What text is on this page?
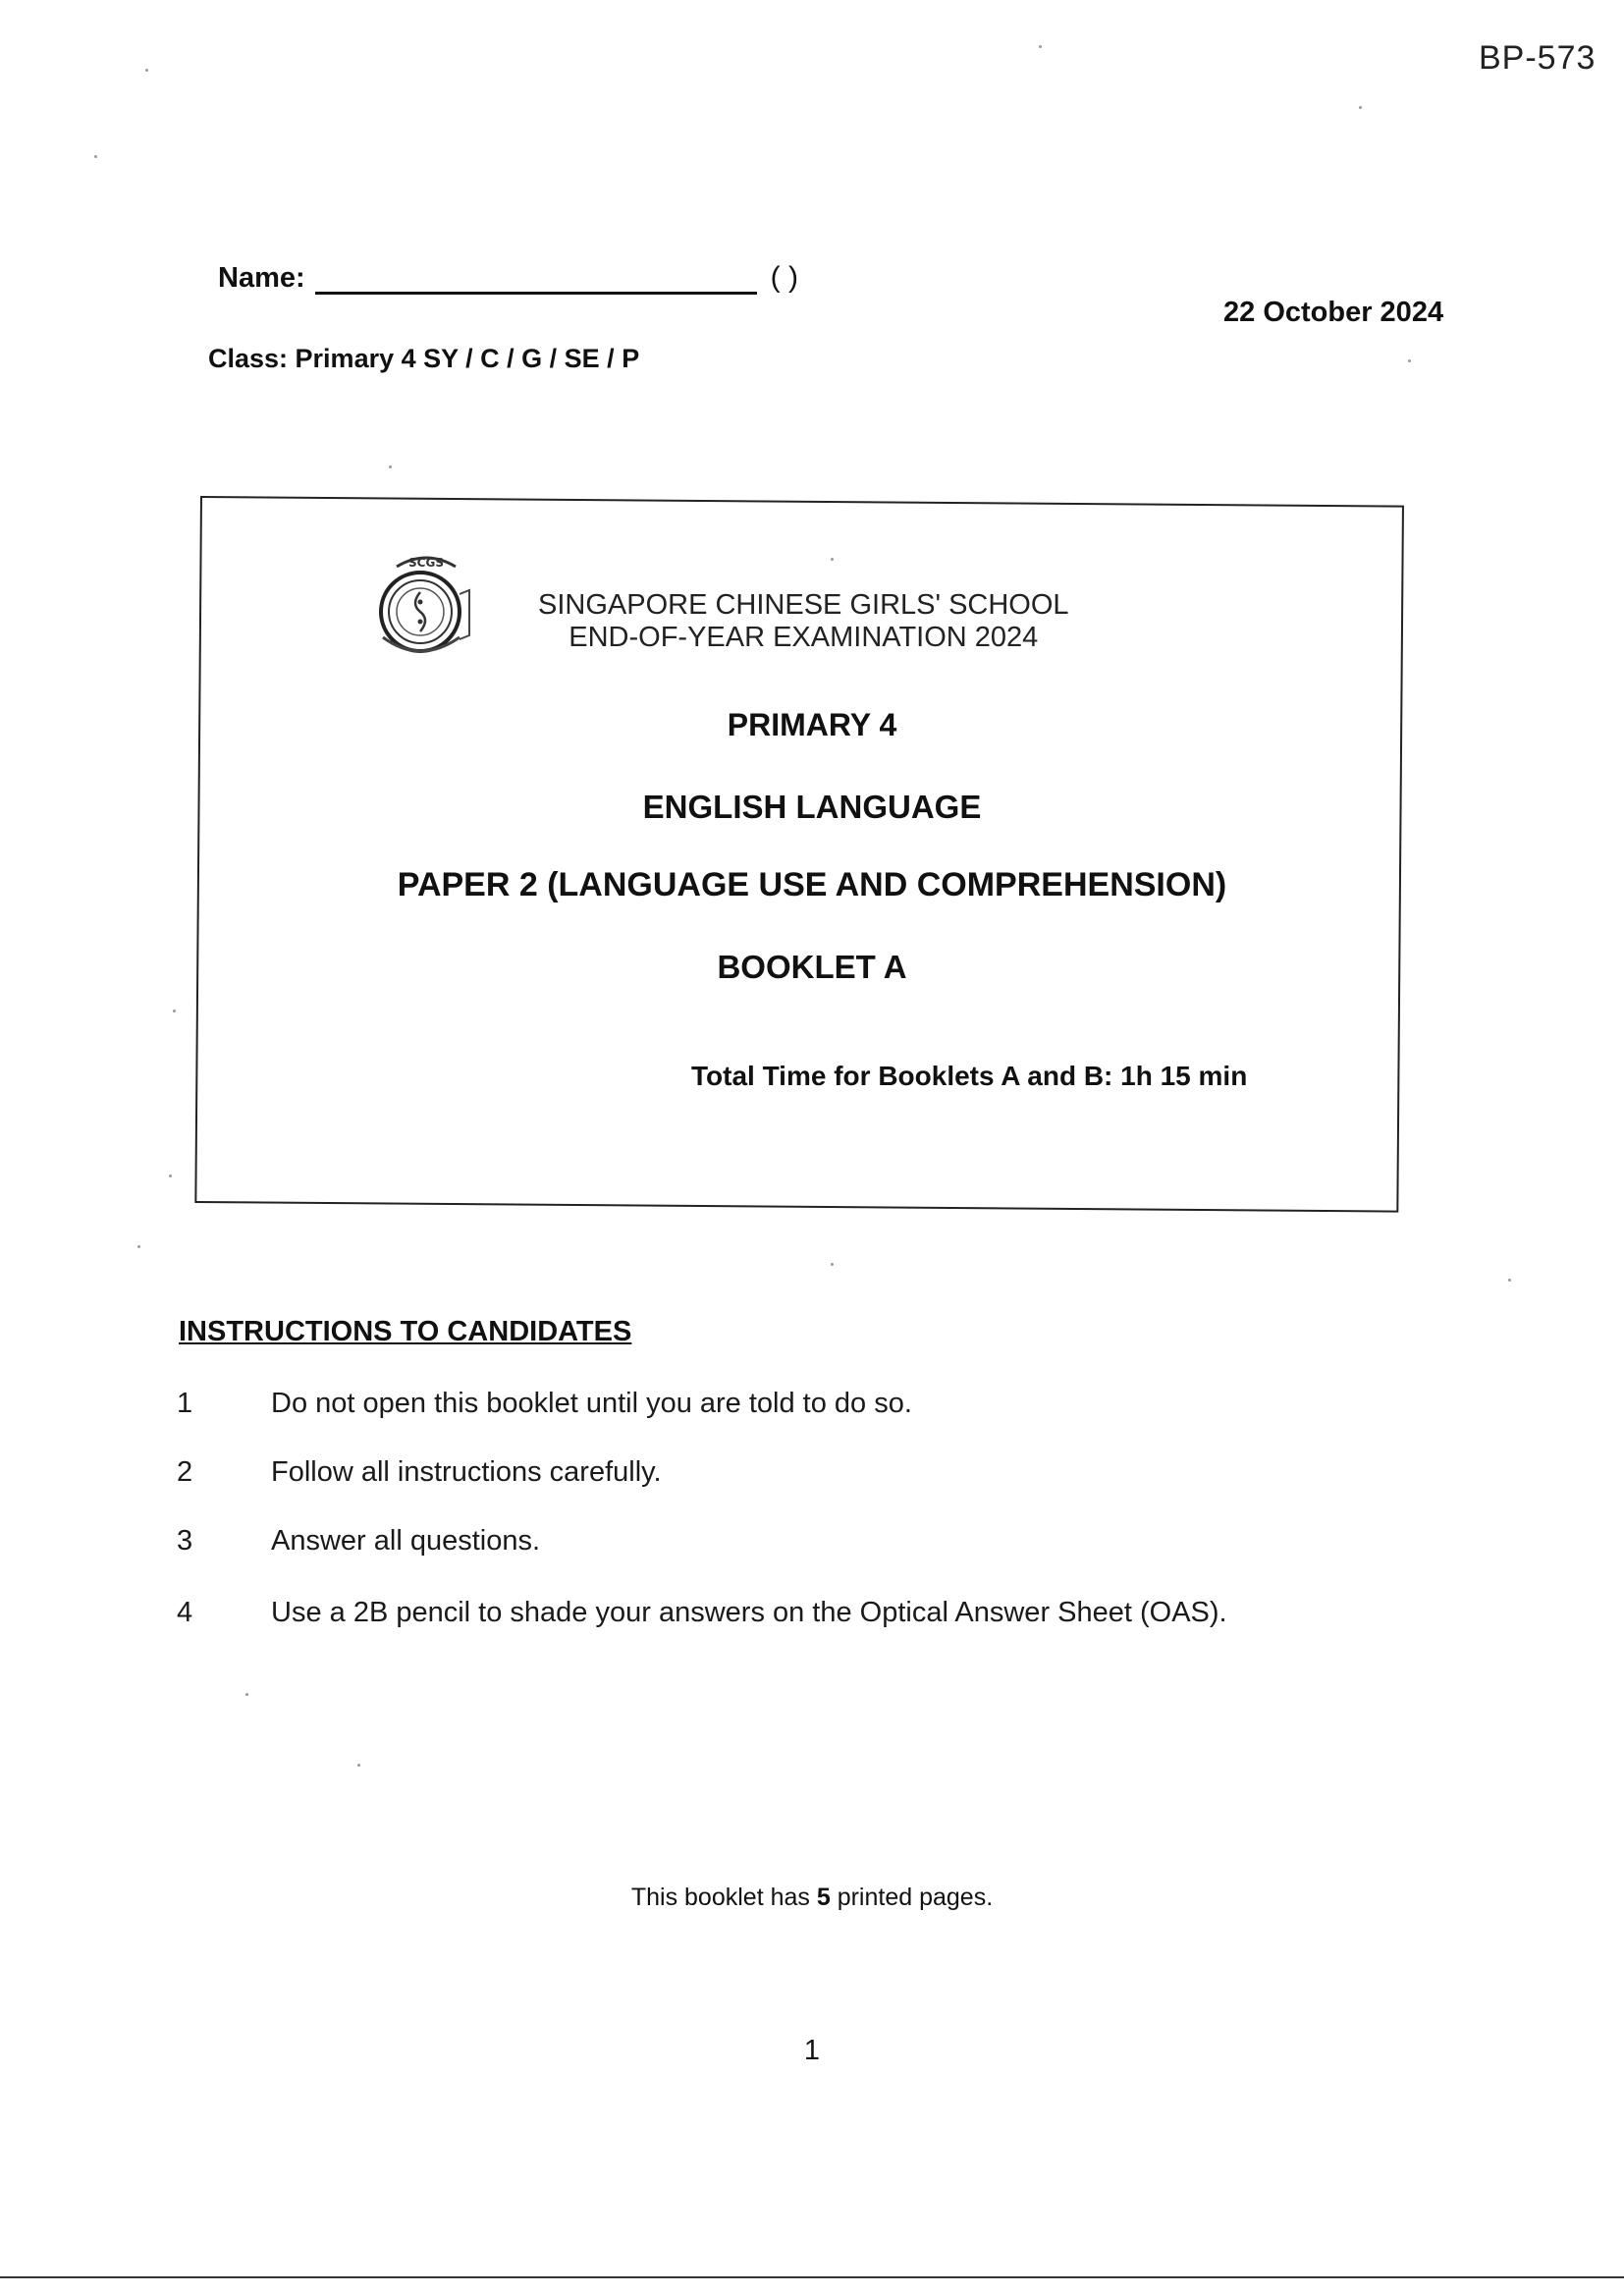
BP-573
Name:	( )
22 October 2024
Class: Primary 4 SY / C / G / SE / P
SCGS
SINGAPORE CHINESE GIRLS' SCHOOL
END-OF-YEAR EXAMINATION 2024
PRIMARY 4
ENGLISH LANGUAGE
PAPER 2 (LANGUAGE USE AND COMPREHENSION)
BOOKLET A
Total Time for Booklets A and B: 1h 15 min
INSTRUCTIONS TO CANDIDATES
1	Do not open this booklet until you are told to do so.
2	Follow all instructions carefully.
3	Answer all questions.
4	Use a 2B pencil to shade your answers on the Optical Answer Sheet (OAS).
This booklet has 5 printed pages.
1
